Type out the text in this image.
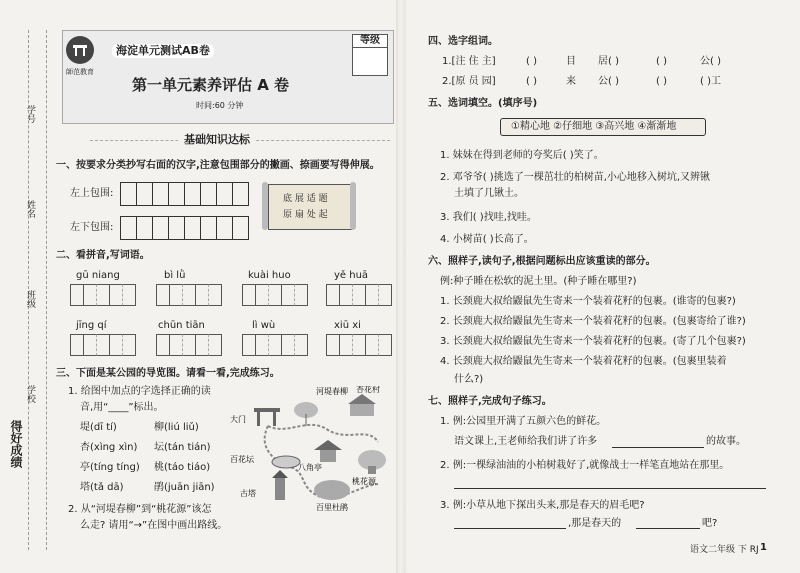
学号
姓名
班级
学校
得好成绩
師范教育
海淀单元测试AB卷
等级
第一单元素养评估 A 卷
时间:60 分钟
基础知识达标
一、按要求分类抄写右面的汉字,注意包围部分的撇画、捺画要写得伸展。
左上包围:
左下包围:
底 展 适 题
原 扇 处 起
二、看拼音,写词语。
gū niang	bì lǜ	kuài huo	yě huā
jīng qí	chūn tiān	lì wù	xiū xi
三、下面是某公园的导览图。请看一看,完成练习。
1. 给图中加点的字选择正确的读
音,用“____”标出。
堤(dī tí)	柳(liú liǔ)
杏(xìng xìn) 坛(tán tián)
亭(tíng tíng) 桃(táo tiáo)
塔(tǎ dā)	鹃(juān jiān)
2. 从“河堤春柳”到“桃花源”该怎
么走? 请用“→”在图中画出路线。
河堤春柳 杏花村
大门
百花坛
八角亭
古塔
桃花源
百里杜鹃
四、选字组词。
1.[注 住 主]	( )	目 居( )	( )	公( )
2.[原 员 园]	( )	来 公( )	( )	( )工
五、选词填空。(填序号)
①精心地 ②仔细地 ③高兴地 ④渐渐地
1. 妹妹在得到老师的夸奖后( )笑了。
2. 邓爷爷( )挑选了一棵茁壮的柏树苗,小心地移入树坑,又辨锹
土填了几锹土。
3. 我们( )找哇,找哇。
4. 小树苗( )长高了。
六、照样子,读句子,根据问题标出应该重读的部分。
例:种子睡在松软的泥土里。(种子睡在哪里?)
1. 长颈鹿大叔给鼹鼠先生寄来一个装着花籽的包裹。(谁寄的包裹?)
2. 长颈鹿大叔给鼹鼠先生寄来一个装着花籽的包裹。(包裹寄给了谁?)
3. 长颈鹿大叔给鼹鼠先生寄来一个装着花籽的包裹。(寄了几个包裹?)
4. 长颈鹿大叔给鼹鼠先生寄来一个装着花籽的包裹。(包裹里装着
什么?)
七、照样子,完成句子练习。
1. 例:公园里开满了五颜六色的鲜花。
语文课上,王老师给我们讲了许多	的故事。
2. 例:一棵绿油油的小柏树栽好了,就像战士一样笔直地站在那里。
3. 例:小草从地下探出头来,那是春天的眉毛吧?
,那是春天的	吧?
语文二年级 下 RJ 1
